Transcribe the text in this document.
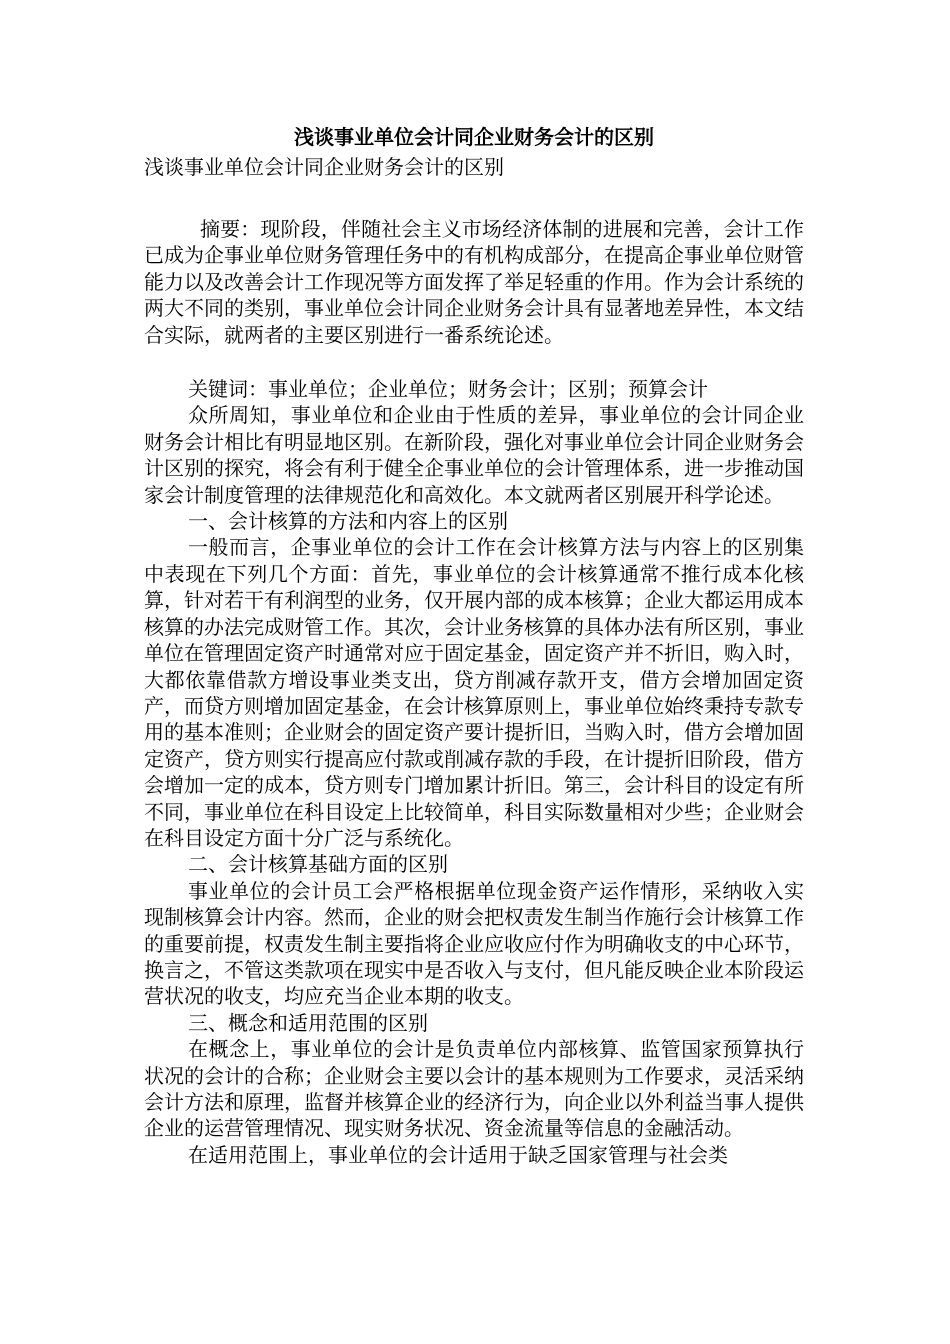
浅谈事业单位会计同企业财务会计的区别
浅谈事业单位会计同企业财务会计的区别

摘要：现阶段，伴随社会主义市场经济体制的进展和完善，会计工作已成为企事业单位财务管理任务中的有机构成部分，在提高企事业单位财管能力以及改善会计工作现况等方面发挥了举足轻重的作用。作为会计系统的两大不同的类别，事业单位会计同企业财务会计具有显著地差异性，本文结合实际，就两者的主要区别进行一番系统论述。

关键词：事业单位；企业单位；财务会计；区别；预算会计

众所周知，事业单位和企业由于性质的差异，事业单位的会计同企业财务会计相比有明显地区别。在新阶段，强化对事业单位会计同企业财务会计区别的探究，将会有利于健全企事业单位的会计管理体系，进一步推动国家会计制度管理的法律规范化和高效化。本文就两者区别展开科学论述。

一、会计核算的方法和内容上的区别

一般而言，企事业单位的会计工作在会计核算方法与内容上的区别集中表现在下列几个方面：首先，事业单位的会计核算通常不推行成本化核算，针对若干有利润型的业务，仅开展内部的成本核算；企业大都运用成本核算的办法完成财管工作。其次，会计业务核算的具体办法有所区别，事业单位在管理固定资产时通常对应于固定基金，固定资产并不折旧，购入时，大都依靠借款方增设事业类支出，贷方削减存款开支，借方会增加固定资产，而贷方则增加固定基金，在会计核算原则上，事业单位始终秉持专款专用的基本准则；企业财会的固定资产要计提折旧，当购入时，借方会增加固定资产，贷方则实行提高应付款或削减存款的手段，在计提折旧阶段，借方会增加一定的成本，贷方则专门增加累计折旧。第三，会计科目的设定有所不同，事业单位在科目设定上比较简单，科目实际数量相对少些；企业财会在科目设定方面十分广泛与系统化。

二、会计核算基础方面的区别

事业单位的会计员工会严格根据单位现金资产运作情形，采纳收入实现制核算会计内容。然而，企业的财会把权责发生制当作施行会计核算工作的重要前提，权责发生制主要指将企业应收应付作为明确收支的中心环节，换言之，不管这类款项在现实中是否收入与支付，但凡能反映企业本阶段运营状况的收支，均应充当企业本期的收支。

三、概念和适用范围的区别

在概念上，事业单位的会计是负责单位内部核算、监管国家预算执行状况的会计的合称；企业财会主要以会计的基本规则为工作要求，灵活采纳会计方法和原理，监督并核算企业的经济行为，向企业以外利益当事人提供企业的运营管理情况、现实财务状况、资金流量等信息的金融活动。

在适用范围上，事业单位的会计适用于缺乏国家管理与社会类
